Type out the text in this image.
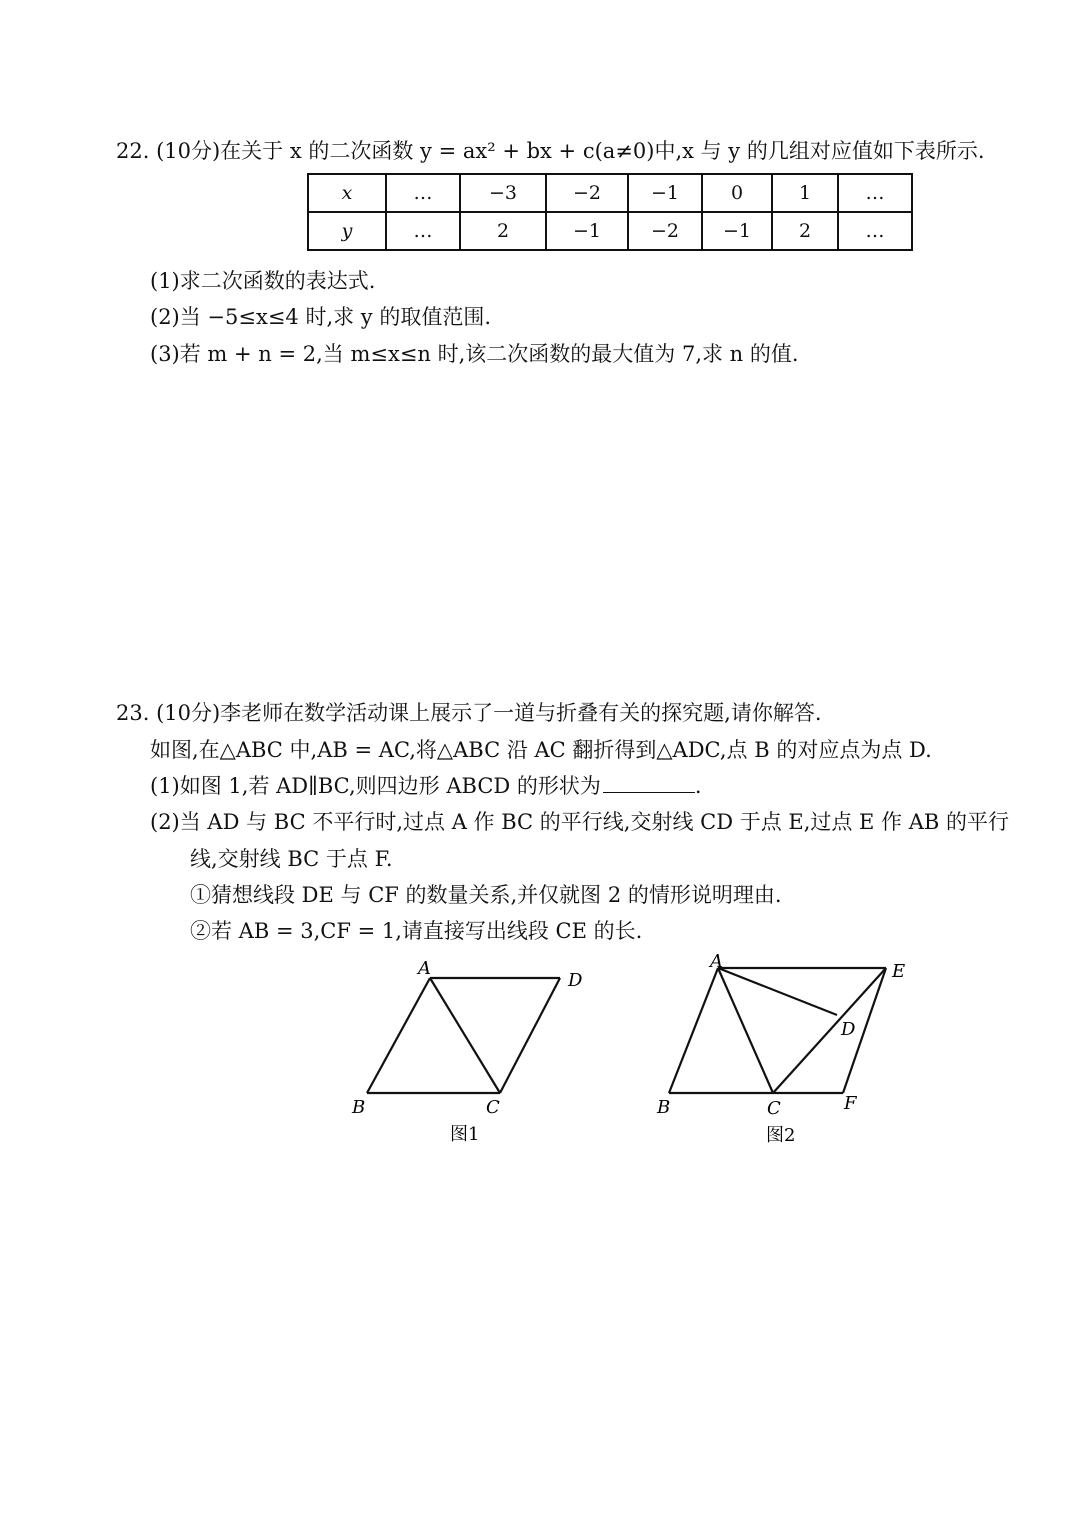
22. (10分)在关于 x 的二次函数 y = ax² + bx + c(a≠0)中,x 与 y 的几组对应值如下表所示.
x	…	−3	−2	−1	0	1	…
y	…	2	−1	−2	−1	2	…
(1)求二次函数的表达式.
(2)当 −5≤x≤4 时,求 y 的取值范围.
(3)若 m + n = 2,当 m≤x≤n 时,该二次函数的最大值为 7,求 n 的值.
23. (10分)李老师在数学活动课上展示了一道与折叠有关的探究题,请你解答.
如图,在△ABC 中,AB = AC,将△ABC 沿 AC 翻折得到△ADC,点 B 的对应点为点 D.
(1)如图 1,若 AD∥BC,则四边形 ABCD 的形状为	.
(2)当 AD 与 BC 不平行时,过点 A 作 BC 的平行线,交射线 CD 于点 E,过点 E 作 AB 的平行
线,交射线 BC 于点 F.
①猜想线段 DE 与 CF 的数量关系,并仅就图 2 的情形说明理由.
②若 AB = 3,CF = 1,请直接写出线段 CE 的长.
A
D
B	C
图1
A	E
D
B	C	F
图2
